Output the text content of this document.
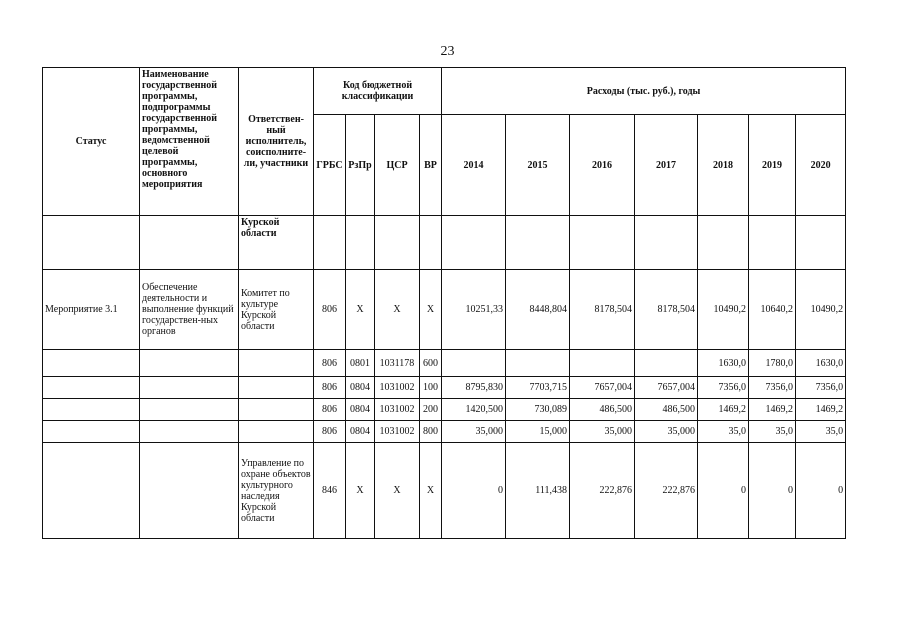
23
Статус	Наименование государственной программы, подпрограммы государственной программы, ведомственной целевой программы, основного мероприятия	Ответствен-ный исполнитель, соисполните-ли, участники	Код бюджетной классификации				Расходы (тыс. руб.), годы						
			ГРБС	РзПр	ЦСР	ВР	2014	2015	2016	2017	2018	2019	2020
		Курской области											
Мероприятие 3.1	Обеспечение деятельности и выполнение функций государствен-ных органов	Комитет по культуре Курской области	806	Х	Х	Х	10251,33	8448,804	8178,504	8178,504	10490,2	10640,2	10490,2
			806	0801	1031178	600					1630,0	1780,0	1630,0
			806	0804	1031002	100	8795,830	7703,715	7657,004	7657,004	7356,0	7356,0	7356,0
			806	0804	1031002	200	1420,500	730,089	486,500	486,500	1469,2	1469,2	1469,2
			806	0804	1031002	800	35,000	15,000	35,000	35,000	35,0	35,0	35,0
		Управление по охране объектов культурного наследия Курской области	846	Х	Х	Х	0	111,438	222,876	222,876	0	0	0
